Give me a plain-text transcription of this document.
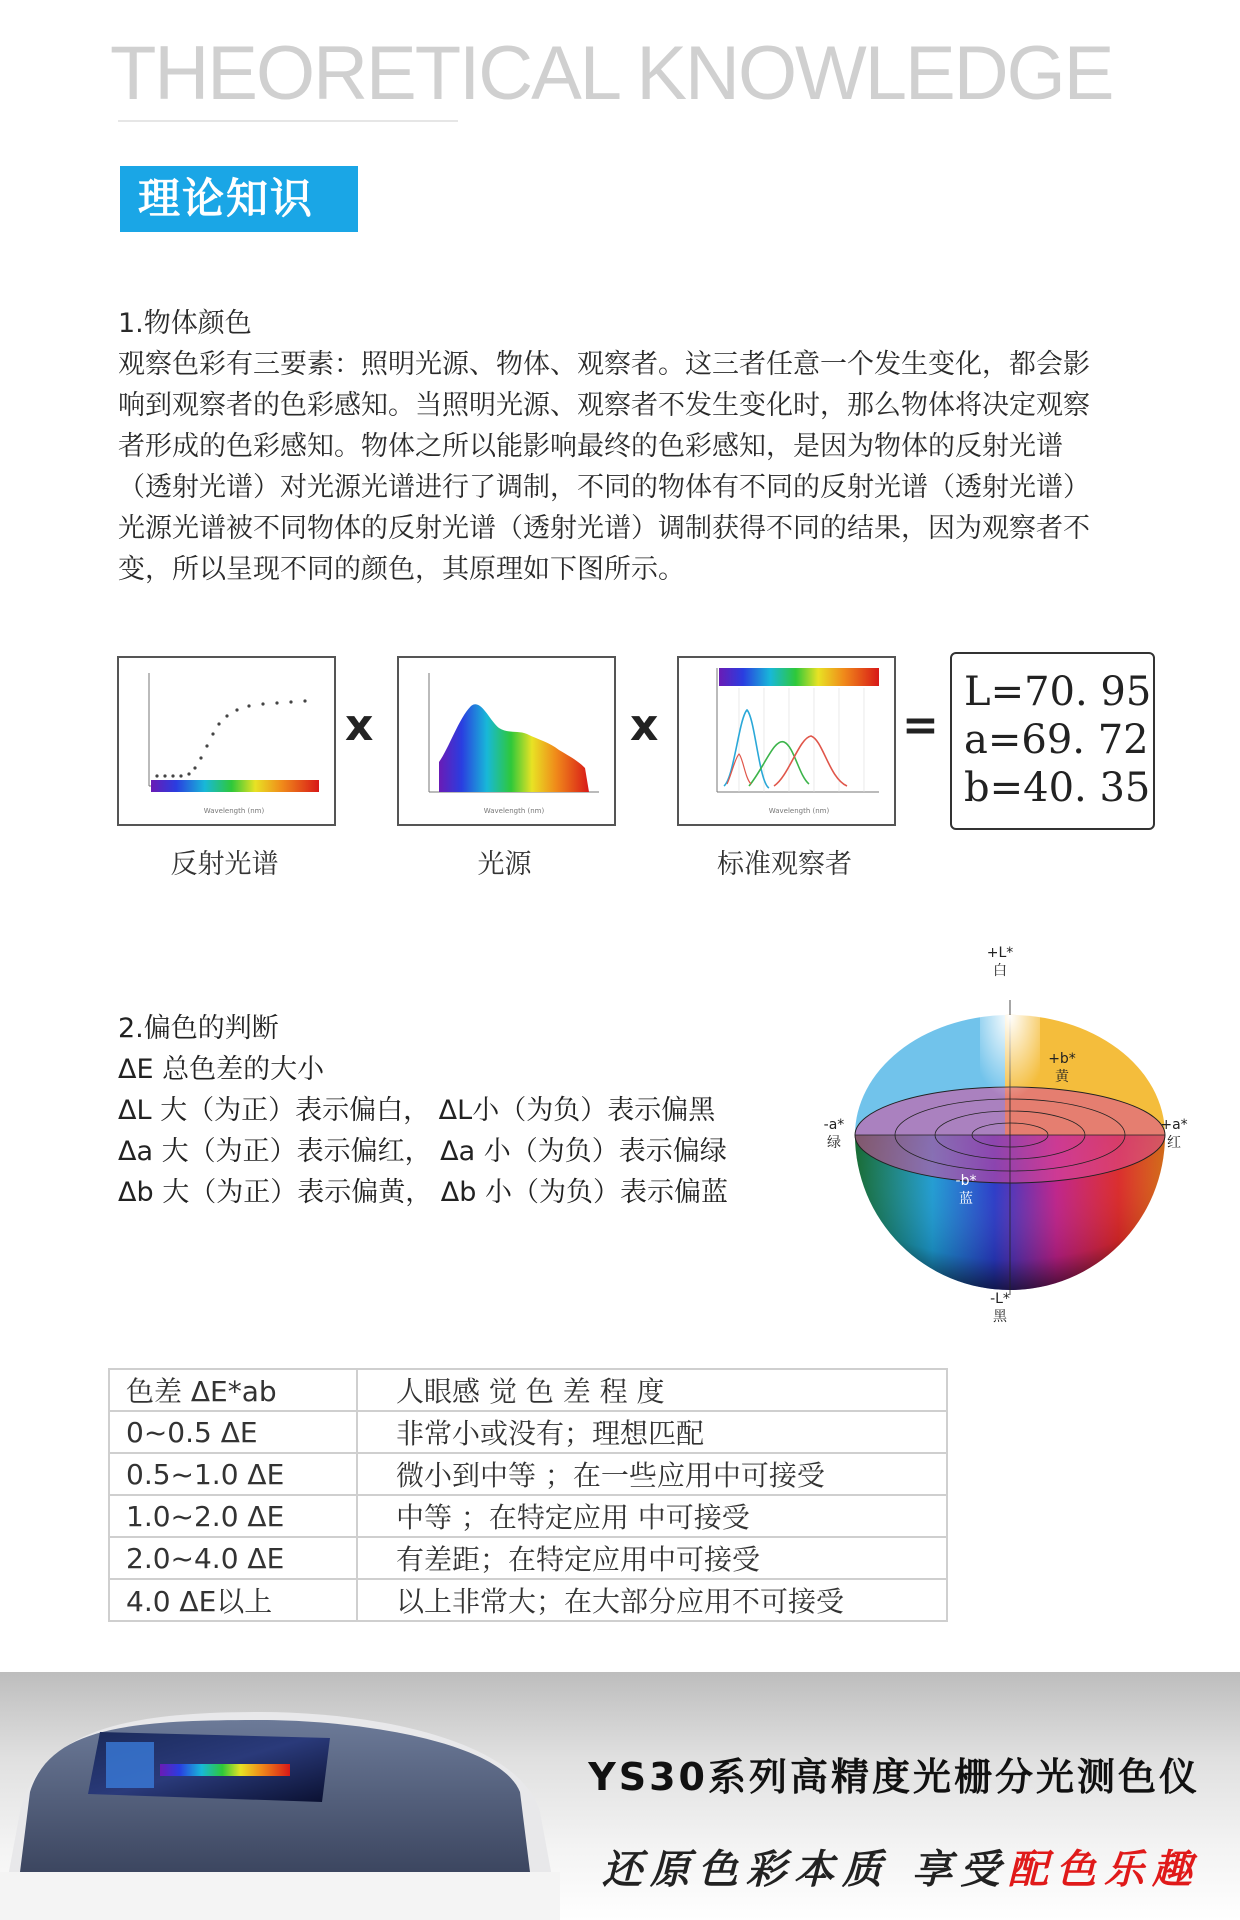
THEORETICAL KNOWLEDGE
理论知识
1.物体颜色
观察色彩有三要素：照明光源、物体、观察者。这三者任意一个发生变化，都会影
响到观察者的色彩感知。当照明光源、观察者不发生变化时，那么物体将决定观察
者形成的色彩感知。物体之所以能影响最终的色彩感知，是因为物体的反射光谱
（透射光谱）对光源光谱进行了调制，不同的物体有不同的反射光谱（透射光谱）
光源光谱被不同物体的反射光谱（透射光谱）调制获得不同的结果，因为观察者不
变，所以呈现不同的颜色，其原理如下图所示。
Wavelength (nm)
x
Wavelength (nm)
x
Wavelength (nm)
=
L=70. 95
a=69. 72
b=40. 35
反射光谱	光源	标准观察者
2.偏色的判断
ΔE 总色差的大小
ΔL 大（为正）表示偏白， ΔL小（为负）表示偏黑
Δa 大（为正）表示偏红， Δa 小（为负）表示偏绿
Δb 大（为正）表示偏黄， Δb 小（为负）表示偏蓝
+L*
白
-L*
黑
+b*
黄
-b*
蓝
+a*
红
-a*
绿
色差 ΔE*ab	人眼感 觉 色 差 程 度
0~0.5 ΔE	非常小或没有；理想匹配
0.5~1.0 ΔE	微小到中等 ；在一些应用中可接受
1.0~2.0 ΔE	中等 ；在特定应用 中可接受
2.0~4.0 ΔE	有差距；在特定应用中可接受
4.0 ΔE以上	以上非常大；在大部分应用不可接受
YS30系列高精度光栅分光测色仪
还原色彩本质 享受配色乐趣
